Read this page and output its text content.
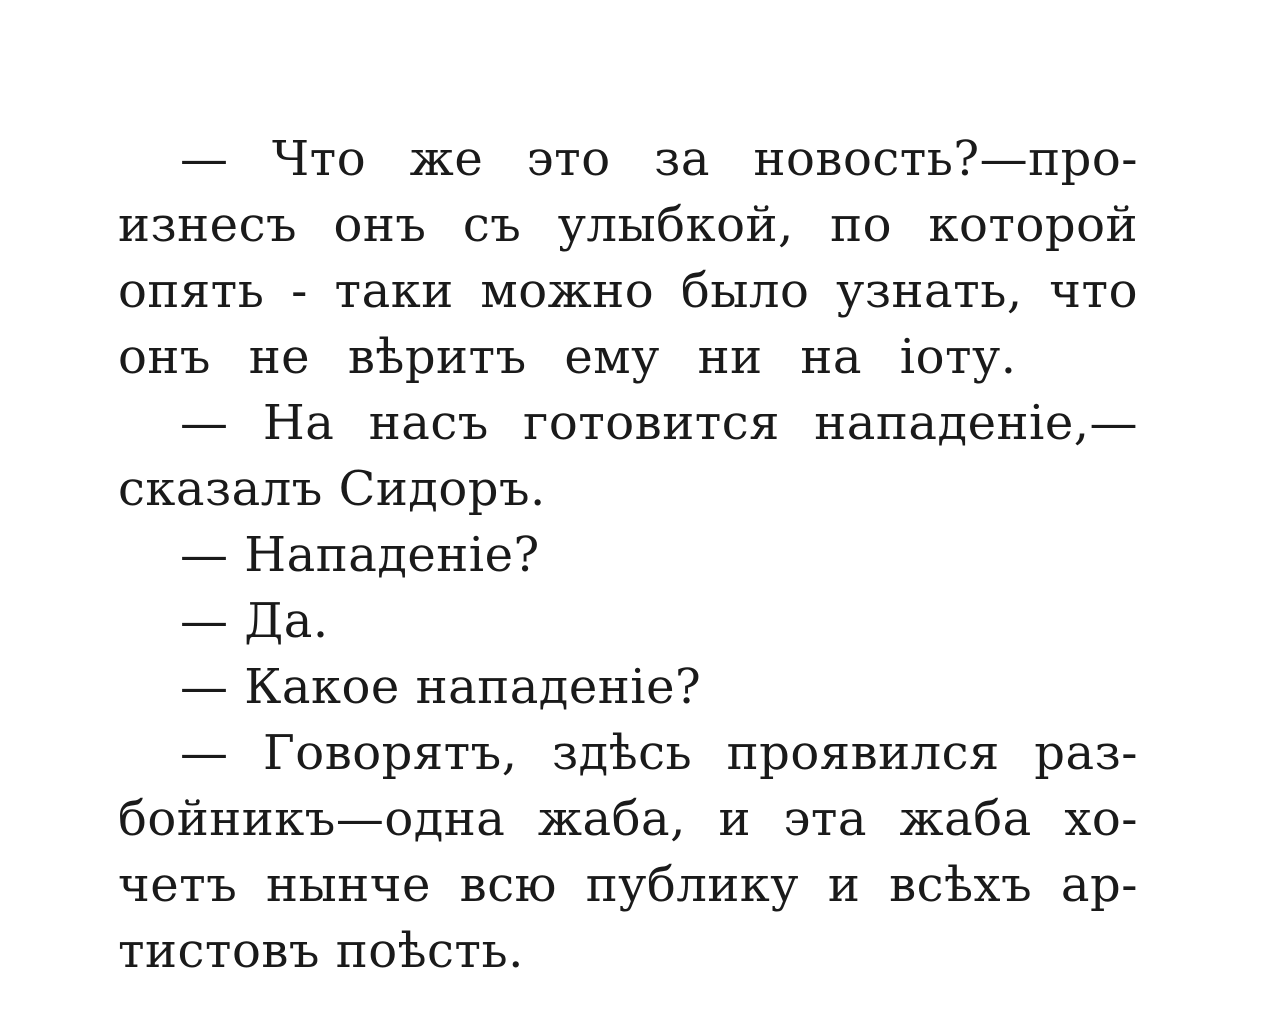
— Что же это за новость?—про-
изнесъ онъ съ улыбкой, по которой
опять - таки можно было узнать, что
онъ не вѣритъ ему ни на іоту.
— На насъ готовится нападеніе,—
сказалъ Сидоръ.
— Нападеніе?
— Да.
— Какое нападеніе?
— Говорятъ, здѣсь проявился раз-
бойникъ—одна жаба, и эта жаба хо-
четъ нынче всю публику и всѣхъ ар-
тистовъ поѣсть.
